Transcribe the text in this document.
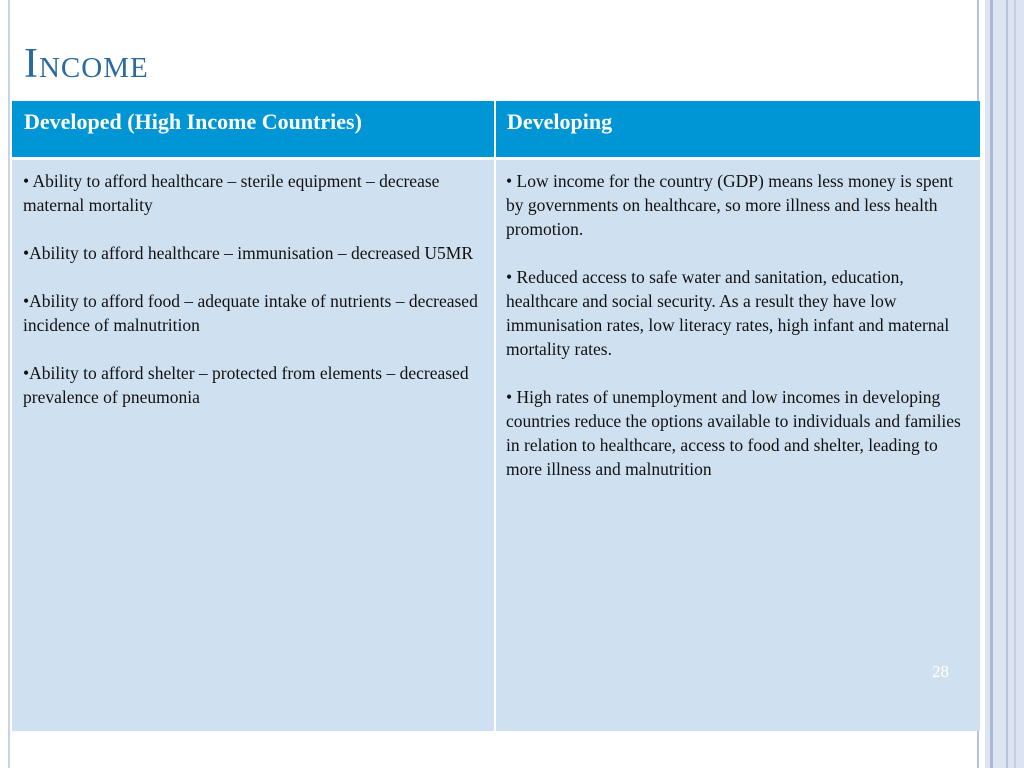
Income
Developed (High Income Countries)	Developing

• Ability to afford healthcare – sterile equipment – decrease maternal mortality

•Ability to afford healthcare – immunisation – decreased U5MR

•Ability to afford food – adequate intake of nutrients – decreased incidence of malnutrition

•Ability to afford shelter – protected from elements – decreased prevalence of pneumonia

• Low income for the country (GDP) means less money is spent by governments on healthcare, so more illness and less health promotion.

• Reduced access to safe water and sanitation, education, healthcare and social security. As a result they have low immunisation rates, low literacy rates, high infant and maternal mortality rates.

• High rates of unemployment and low incomes in developing countries reduce the options available to individuals and families in relation to healthcare, access to food and shelter, leading to more illness and malnutrition

28
